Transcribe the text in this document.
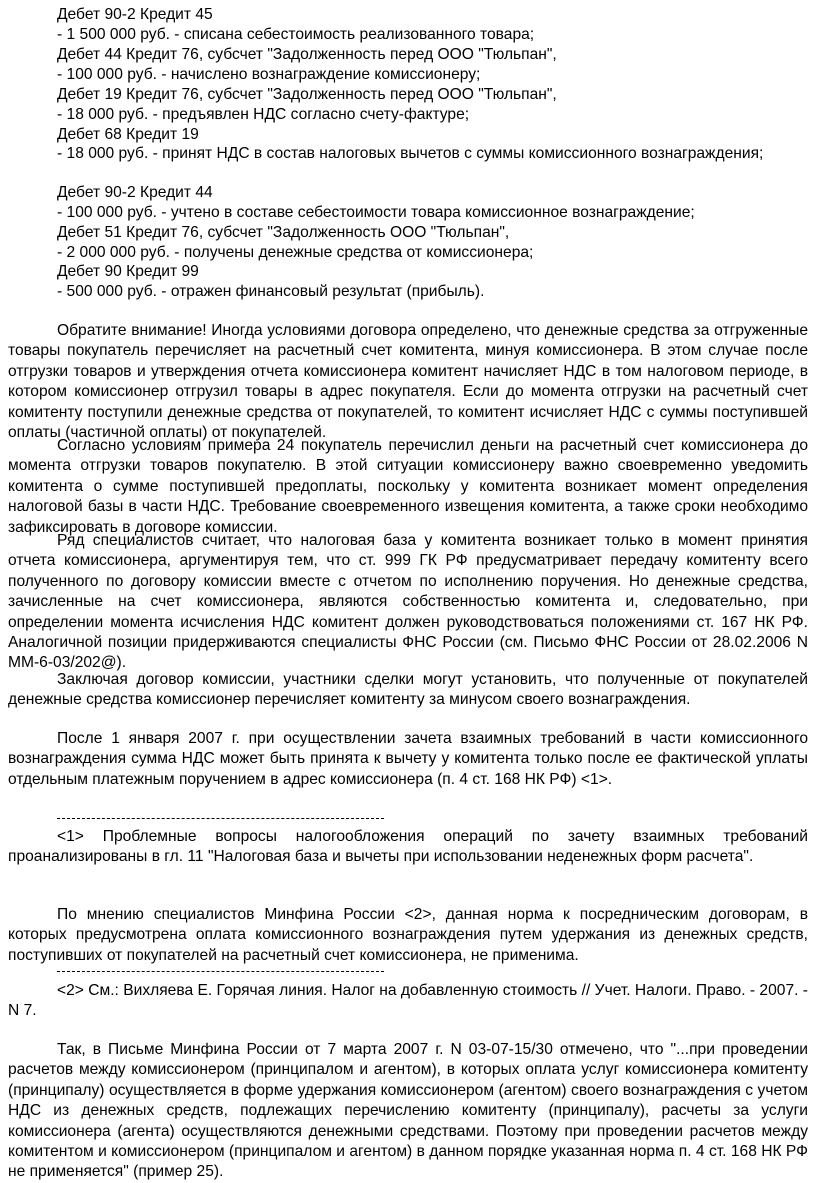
Дебет 90-2 Кредит 45
- 1 500 000 руб. - списана себестоимость реализованного товара;
Дебет 44 Кредит 76, субсчет "Задолженность перед ООО "Тюльпан",
- 100 000 руб. - начислено вознаграждение комиссионеру;
Дебет 19 Кредит 76, субсчет "Задолженность перед ООО "Тюльпан",
- 18 000 руб. - предъявлен НДС согласно счету-фактуре;
Дебет 68 Кредит 19
- 18 000 руб. - принят НДС в состав налоговых вычетов с суммы комиссионного вознаграждения;
Дебет 90-2 Кредит 44
- 100 000 руб. - учтено в составе себестоимости товара комиссионное вознаграждение;
Дебет 51 Кредит 76, субсчет "Задолженность ООО "Тюльпан",
- 2 000 000 руб. - получены денежные средства от комиссионера;
Дебет 90 Кредит 99
- 500 000 руб. - отражен финансовый результат (прибыль).
Обратите внимание! Иногда условиями договора определено, что денежные средства за отгруженные товары покупатель перечисляет на расчетный счет комитента, минуя комиссионера. В этом случае после отгрузки товаров и утверждения отчета комиссионера комитент начисляет НДС в том налоговом периоде, в котором комиссионер отгрузил товары в адрес покупателя. Если до момента отгрузки на расчетный счет комитенту поступили денежные средства от покупателей, то комитент исчисляет НДС с суммы поступившей оплаты (частичной оплаты) от покупателей.
Согласно условиям примера 24 покупатель перечислил деньги на расчетный счет комиссионера до момента отгрузки товаров покупателю. В этой ситуации комиссионеру важно своевременно уведомить комитента о сумме поступившей предоплаты, поскольку у комитента возникает момент определения налоговой базы в части НДС. Требование своевременного извещения комитента, а также сроки необходимо зафиксировать в договоре комиссии.
Ряд специалистов считает, что налоговая база у комитента возникает только в момент принятия отчета комиссионера, аргументируя тем, что ст. 999 ГК РФ предусматривает передачу комитенту всего полученного по договору комиссии вместе с отчетом по исполнению поручения. Но денежные средства, зачисленные на счет комиссионера, являются собственностью комитента и, следовательно, при определении момента исчисления НДС комитент должен руководствоваться положениями ст. 167 НК РФ. Аналогичной позиции придерживаются специалисты ФНС России (см. Письмо ФНС России от 28.02.2006 N ММ-6-03/202@).
Заключая договор комиссии, участники сделки могут установить, что полученные от покупателей денежные средства комиссионер перечисляет комитенту за минусом своего вознаграждения.
После 1 января 2007 г. при осуществлении зачета взаимных требований в части комиссионного вознаграждения сумма НДС может быть принята к вычету у комитента только после ее фактической уплаты отдельным платежным поручением в адрес комиссионера (п. 4 ст. 168 НК РФ) <1>.
<1> Проблемные вопросы налогообложения операций по зачету взаимных требований проанализированы в гл. 11 "Налоговая база и вычеты при использовании неденежных форм расчета".
По мнению специалистов Минфина России <2>, данная норма к посредническим договорам, в которых предусмотрена оплата комиссионного вознаграждения путем удержания из денежных средств, поступивших от покупателей на расчетный счет комиссионера, не применима.
<2> См.: Вихляева Е. Горячая линия. Налог на добавленную стоимость // Учет. Налоги. Право. - 2007. - N 7.
Так, в Письме Минфина России от 7 марта 2007 г. N 03-07-15/30 отмечено, что "...при проведении расчетов между комиссионером (принципалом и агентом), в которых оплата услуг комиссионера комитенту (принципалу) осуществляется в форме удержания комиссионером (агентом) своего вознаграждения с учетом НДС из денежных средств, подлежащих перечислению комитенту (принципалу), расчеты за услуги комиссионера (агента) осуществляются денежными средствами. Поэтому при проведении расчетов между комитентом и комиссионером (принципалом и агентом) в данном порядке указанная норма п. 4 ст. 168 НК РФ не применяется" (пример 25).
